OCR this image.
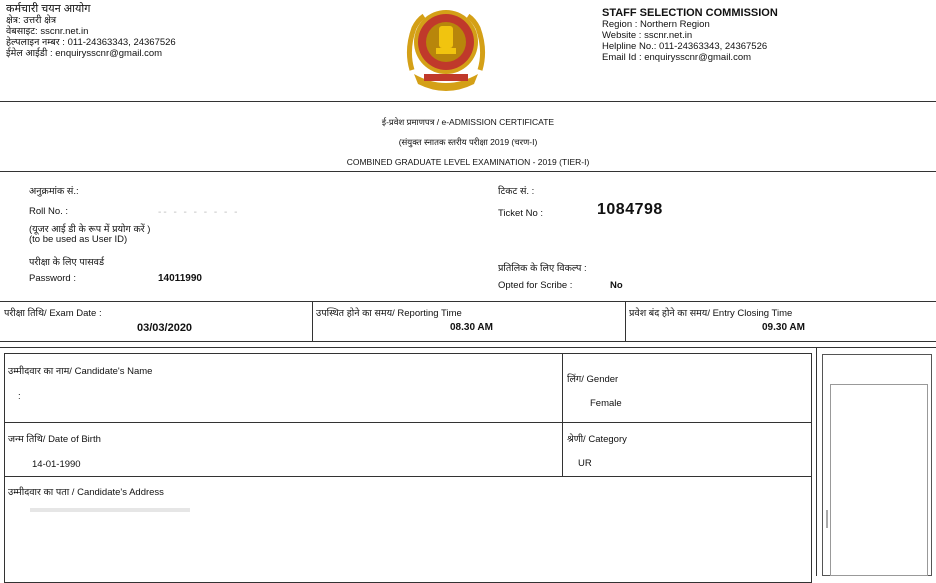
कर्मचारी चयन आयोग
क्षेत्र: उत्तरी क्षेत्र
वेबसाइट: sscnr.net.in
हेल्पलाइन नम्बर : 011-24363343, 24367526
ईमेल आईडी : enquirysscnr@gmail.com
STAFF SELECTION COMMISSION
Region : Northern Region
Website : sscnr.net.in
Helpline No.: 011-24363343, 24367526
Email Id : enquirysscnr@gmail.com
ई-प्रवेश प्रमाणपत्र / e-ADMISSION CERTIFICATE
(संयुक्त स्नातक स्तरीय परीक्षा 2019 (चरण-I)
COMBINED GRADUATE LEVEL EXAMINATION - 2019 (TIER-I)
अनुक्रमांक सं.:
Roll No. :	-- - - - - - - -
(यूजर आई डी के रूप में प्रयोग करें )
(to be used as User ID)
परीक्षा के लिए पासवर्ड
Password :	14011990
टिकट सं. :
Ticket No :	1084798
प्रतिलिक के लिए विकल्प :
Opted for Scribe :	No
परीक्षा तिथि/ Exam Date :
03/03/2020
उपस्थित होने का समय/ Reporting Time
08.30 AM
प्रवेश बंद होने का समय/ Entry Closing Time
09.30 AM
उम्मीदवार का नाम/ Candidate's Name
:
लिंग/ Gender
Female
जन्म तिथि/ Date of Birth
14-01-1990
श्रेणी/ Category
UR
उम्मीदवार का पता / Candidate's Address
